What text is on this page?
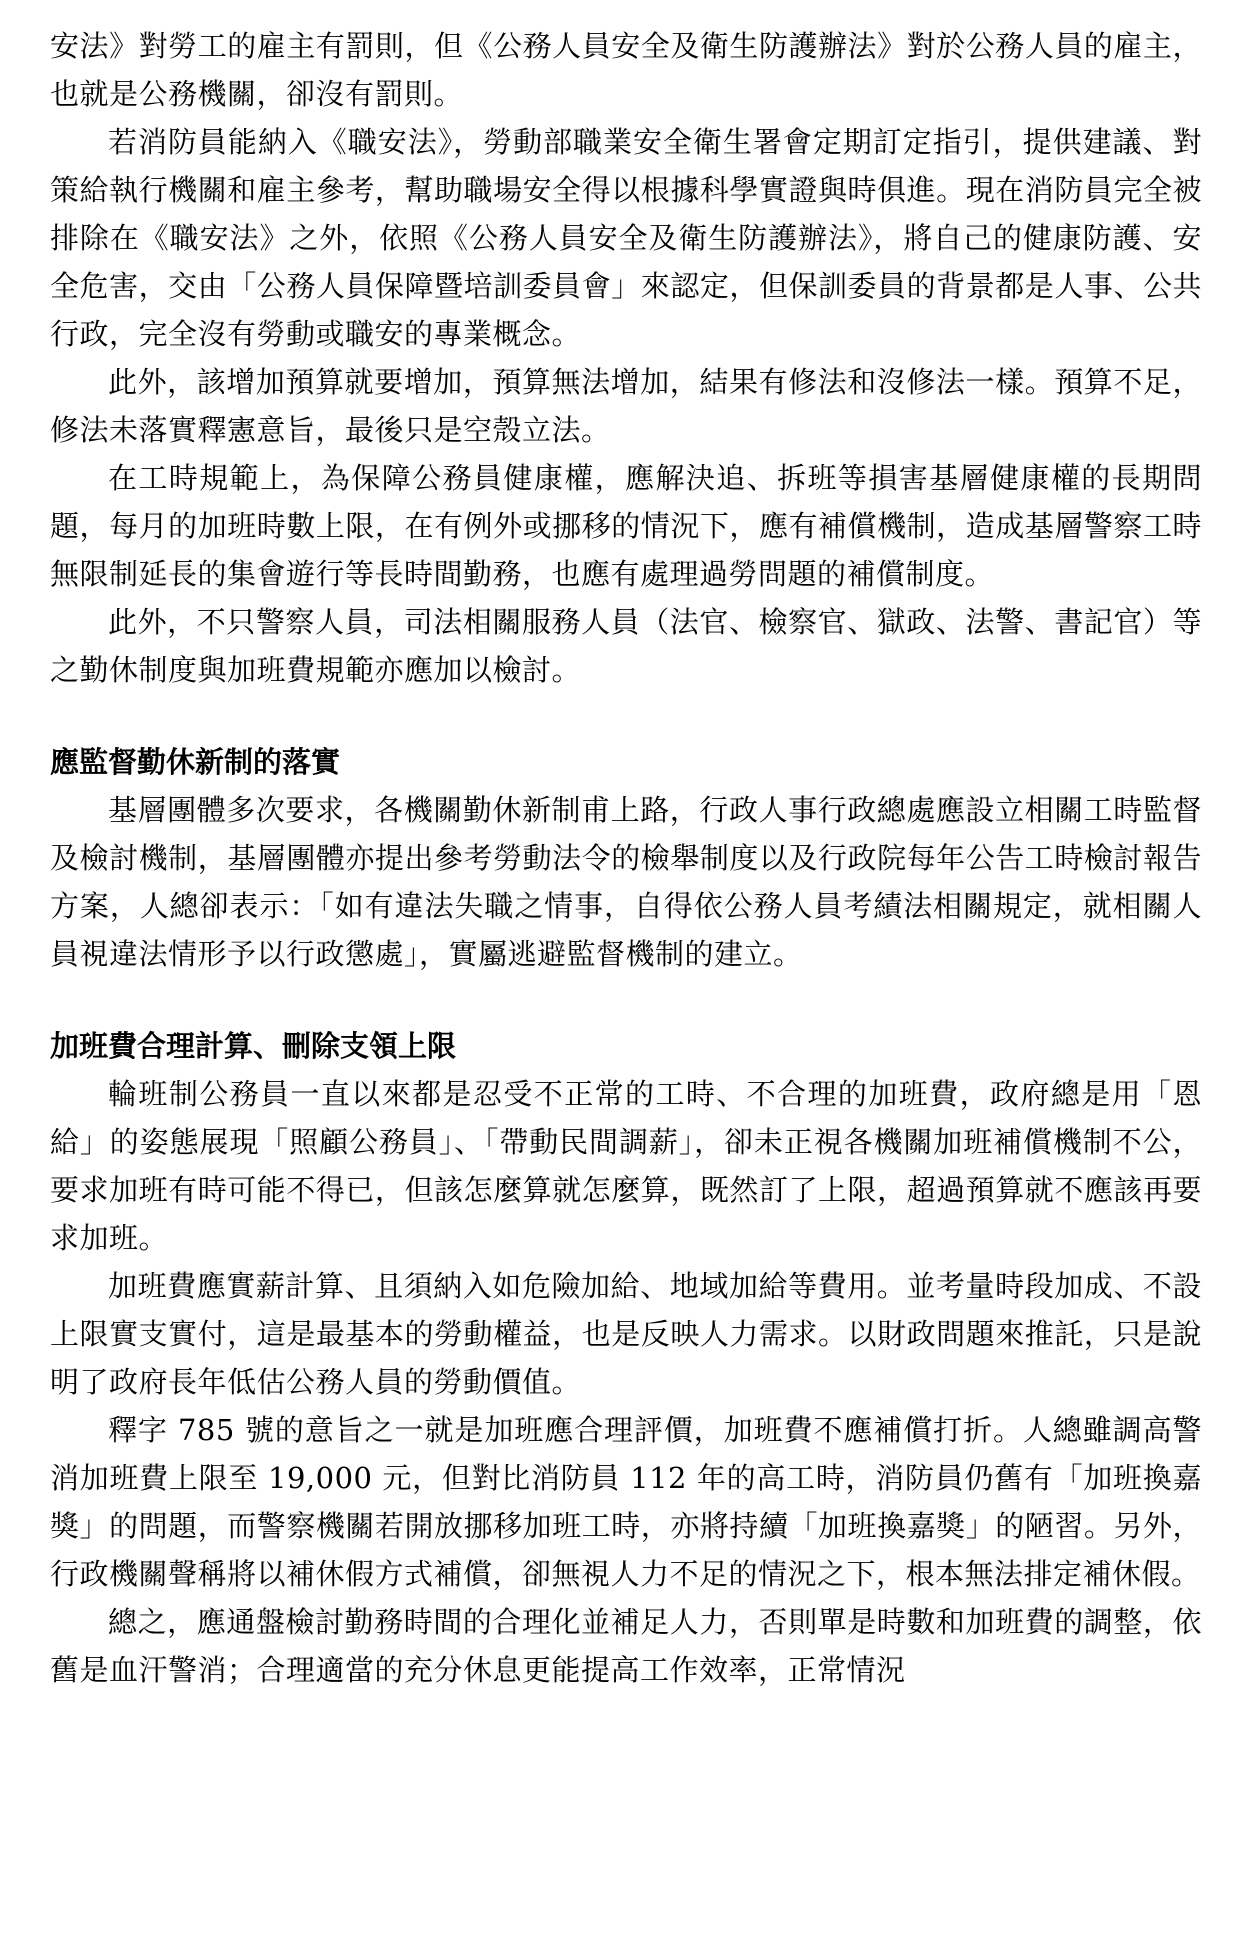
安法》對勞工的雇主有罰則，但《公務人員安全及衛生防護辦法》對於公務人員的雇主，也就是公務機關，卻沒有罰則。

若消防員能納入《職安法》，勞動部職業安全衛生署會定期訂定指引，提供建議、對策給執行機關和雇主參考，幫助職場安全得以根據科學實證與時俱進。現在消防員完全被排除在《職安法》之外，依照《公務人員安全及衛生防護辦法》，將自己的健康防護、安全危害，交由「公務人員保障暨培訓委員會」來認定，但保訓委員的背景都是人事、公共行政，完全沒有勞動或職安的專業概念。

此外，該增加預算就要增加，預算無法增加，結果有修法和沒修法一樣。預算不足，修法未落實釋憲意旨，最後只是空殼立法。

在工時規範上，為保障公務員健康權，應解決追、拆班等損害基層健康權的長期問題，每月的加班時數上限，在有例外或挪移的情況下，應有補償機制，造成基層警察工時無限制延長的集會遊行等長時間勤務，也應有處理過勞問題的補償制度。

此外，不只警察人員，司法相關服務人員（法官、檢察官、獄政、法警、書記官）等之勤休制度與加班費規範亦應加以檢討。

應監督勤休新制的落實

基層團體多次要求，各機關勤休新制甫上路，行政人事行政總處應設立相關工時監督及檢討機制，基層團體亦提出參考勞動法令的檢舉制度以及行政院每年公告工時檢討報告方案，人總卻表示：「如有違法失職之情事，自得依公務人員考績法相關規定，就相關人員視違法情形予以行政懲處」，實屬逃避監督機制的建立。

加班費合理計算、刪除支領上限

輪班制公務員一直以來都是忍受不正常的工時、不合理的加班費，政府總是用「恩給」的姿態展現「照顧公務員」、「帶動民間調薪」，卻未正視各機關加班補償機制不公，要求加班有時可能不得已，但該怎麼算就怎麼算，既然訂了上限，超過預算就不應該再要求加班。

加班費應實薪計算、且須納入如危險加給、地域加給等費用。並考量時段加成、不設上限實支實付，這是最基本的勞動權益，也是反映人力需求。以財政問題來推託，只是說明了政府長年低估公務人員的勞動價值。

釋字 785 號的意旨之一就是加班應合理評價，加班費不應補償打折。人總雖調高警消加班費上限至 19,000 元，但對比消防員 112 年的高工時，消防員仍舊有「加班換嘉獎」的問題，而警察機關若開放挪移加班工時，亦將持續「加班換嘉獎」的陋習。另外，行政機關聲稱將以補休假方式補償，卻無視人力不足的情況之下，根本無法排定補休假。

總之，應通盤檢討勤務時間的合理化並補足人力，否則單是時數和加班費的調整，依舊是血汗警消；合理適當的充分休息更能提高工作效率，正常情況
